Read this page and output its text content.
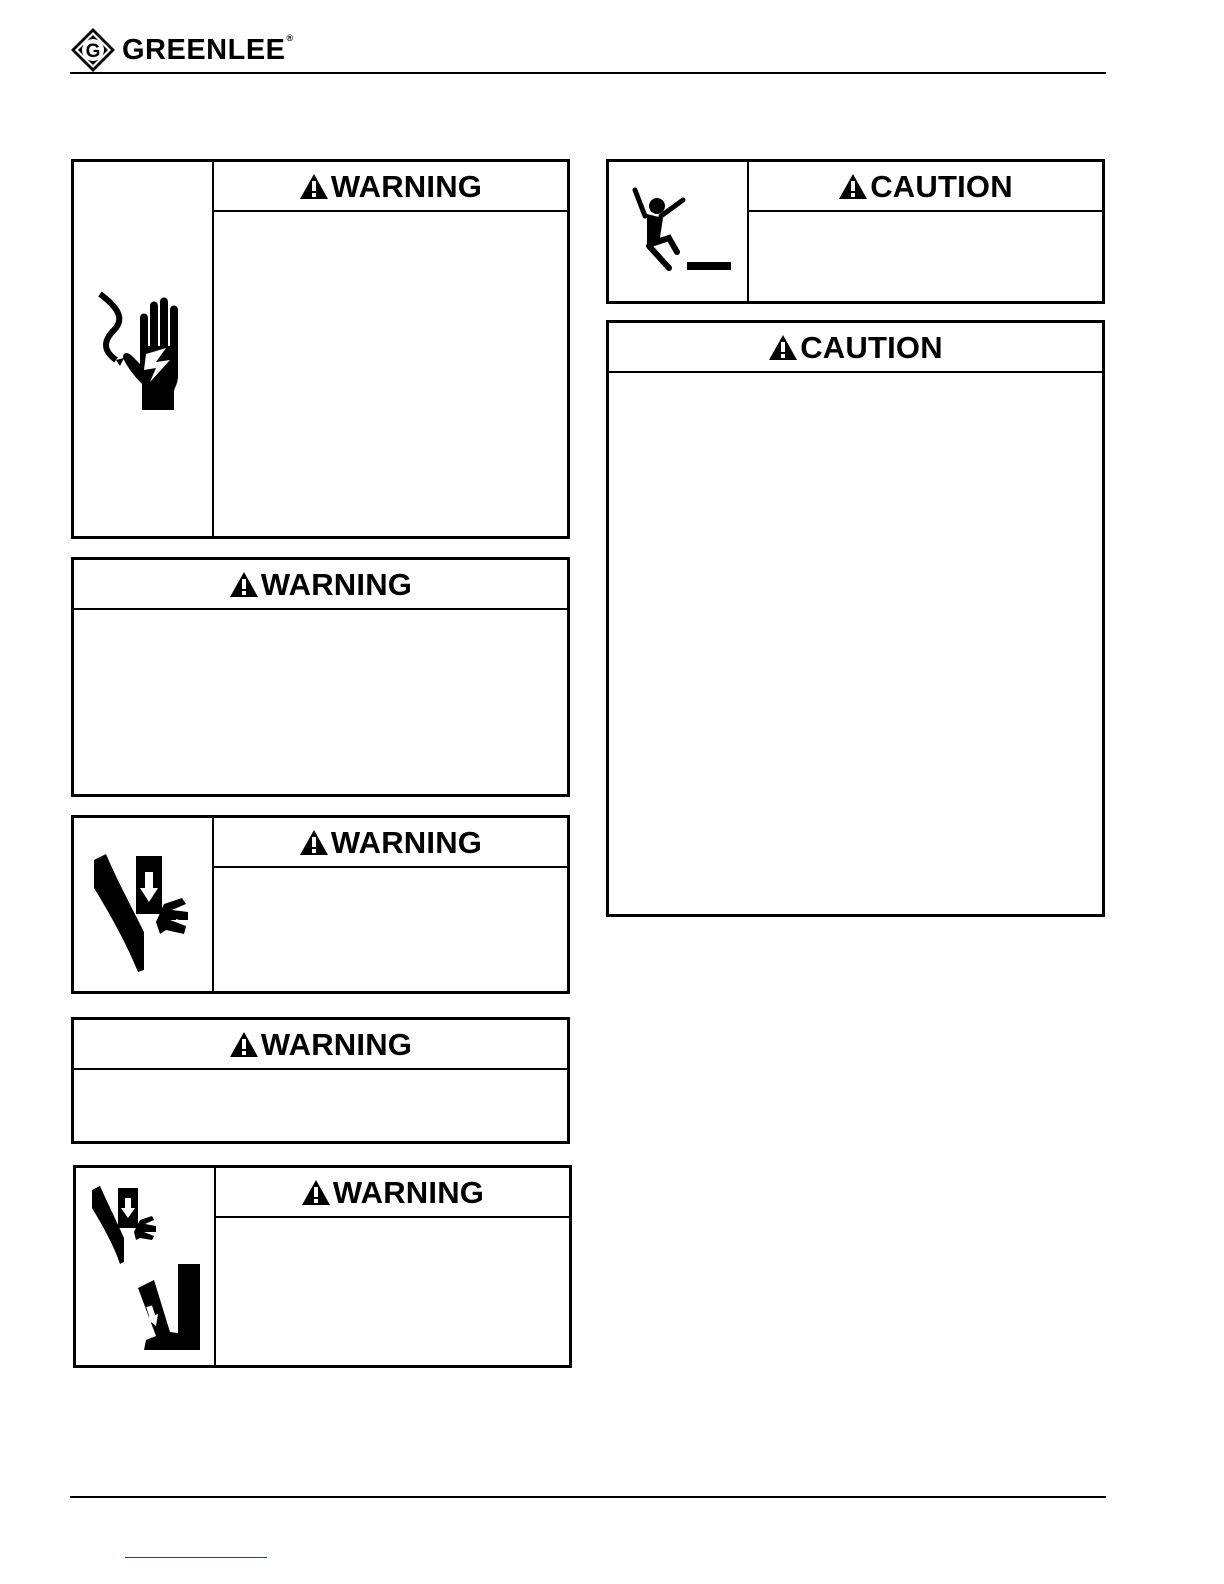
G GREENLEE®
WARNING
WARNING
WARNING
WARNING
WARNING
CAUTION
CAUTION
